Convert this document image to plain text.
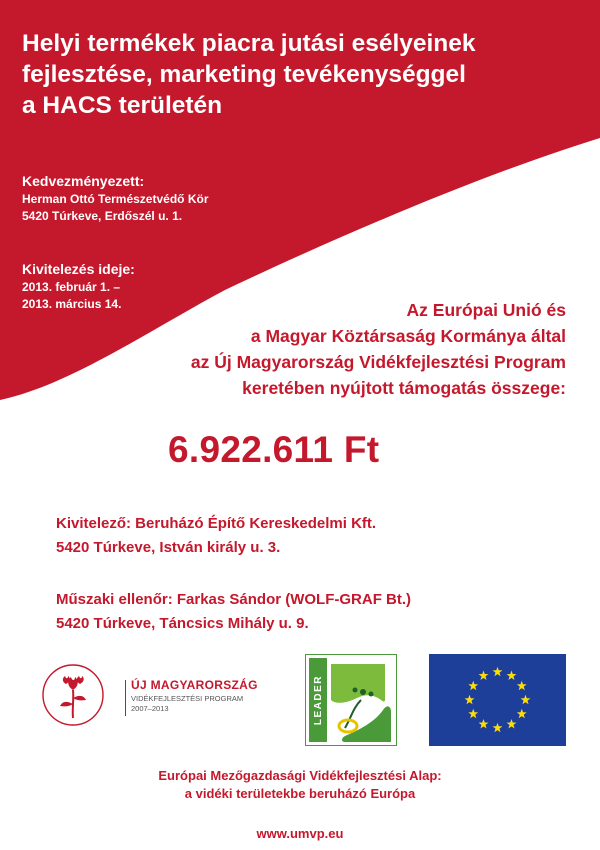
Helyi termékek piacra jutási esélyeinek
fejlesztése, marketing tevékenységgel
a HACS területén
Kedvezményezett:
Herman Ottó Természetvédő Kör
5420 Túrkeve, Erdőszél u. 1.
Kivitelezés ideje:
2013. február 1. –
2013. március 14.	Az Európai Unió és
a Magyar Köztársaság Kormánya által
az Új Magyarország Vidékfejlesztési Program
keretében nyújtott támogatás összege:
6.922.611 Ft
Kivitelező: Beruházó Építő Kereskedelmi Kft.
5420 Túrkeve, István király u. 3.
Műszaki ellenőr: Farkas Sándor (WOLF-GRAF Bt.)
5420 Túrkeve, Táncsics Mihály u. 9.
ÚJ MAGYARORSZÁG
VIDÉKFEJLESZTÉSI PROGRAM
2007–2013	LEADER
Európai Mezőgazdasági Vidékfejlesztési Alap:
a vidéki területekbe beruházó Európa
www.umvp.eu
